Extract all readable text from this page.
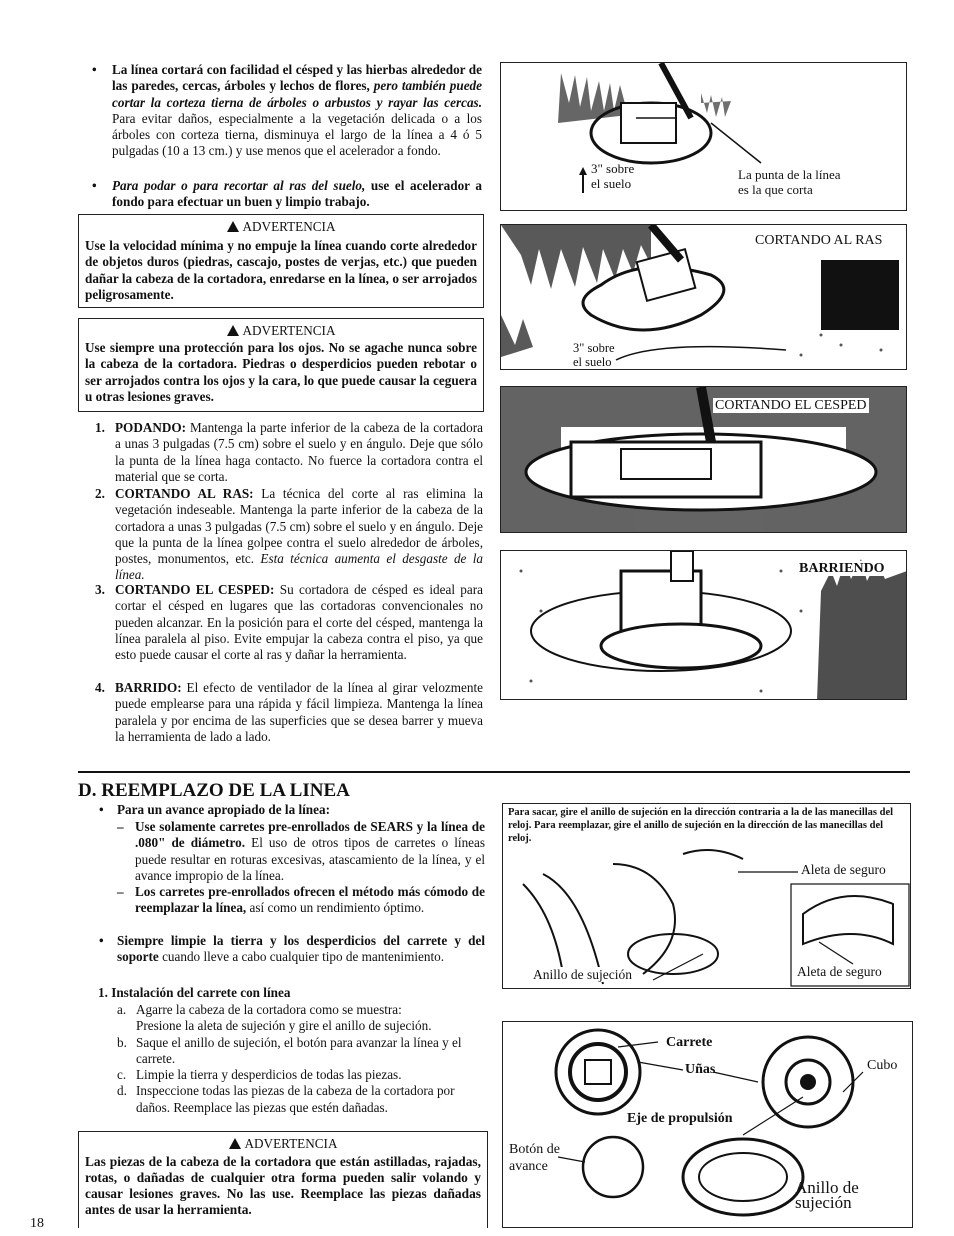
• La línea cortará con facilidad el césped y las hierbas alrededor de las paredes, cercas, árboles y lechos de flores, pero también puede cortar la corteza tierna de árboles o arbustos y rayar las cercas. Para evitar daños, especialmente a la vegetación delicada o a los árboles con corteza tierna, disminuya el largo de la línea a 4 ó 5 pulgadas (10 a 13 cm.) y use menos que el acelerador a fondo.
• Para podar o para recortar al ras del suelo, use el acelerador a fondo para efectuar un buen y limpio trabajo.
ADVERTENCIA

Use la velocidad mínima y no empuje la línea cuando corte alrededor de objetos duros (piedras, cascajo, postes de verjas, etc.) que pueden dañar la cabeza de la cortadora, enredarse en la línea, o ser arrojados peligrosamente.

ADVERTENCIA

Use siempre una protección para los ojos. No se agache nunca sobre la cabeza de la cortadora. Piedras o desperdicios pueden rebotar o ser arrojados contra los ojos y la cara, lo que puede causar la ceguera u otras lesiones graves.

1. PODANDO: Mantenga la parte inferior de la cabeza de la cortadora a unas 3 pulgadas (7.5 cm) sobre el suelo y en ángulo. Deje que sólo la punta de la línea haga contacto. No fuerce la cortadora contra el material que se corta.
2. CORTANDO AL RAS: La técnica del corte al ras elimina la vegetación indeseable. Mantenga la parte inferior de la cabeza de la cortadora a unas 3 pulgadas (7.5 cm) sobre el suelo y en ángulo. Deje que la punta de la línea golpee contra el suelo alrededor de árboles, postes, monumentos, etc. Esta técnica aumenta el desgaste de la línea.
3. CORTANDO EL CESPED: Su cortadora de césped es ideal para cortar el césped en lugares que las cortadoras convencionales no pueden alcanzar. En la posición para el corte del césped, mantenga la línea paralela al piso. Evite empujar la cabeza contra el piso, ya que esto puede causar el corte al ras y dañar la herramienta.
4. BARRIDO: El efecto de ventilador de la línea al girar velozmente puede emplearse para una rápida y fácil limpieza. Mantenga la línea paralela y por encima de las superficies que se desea barrer y mueva la herramienta de lado a lado.
3" sobre
el suelo
La punta de la línea
es la que corta
CORTANDO AL RAS
3" sobre
el suelo
CORTANDO EL CESPED
BARRIENDO
D. REEMPLAZO DE LA LINEA
• Para un avance apropiado de la línea:
– Use solamente carretes pre-enrollados de SEARS y la línea de .080" de diámetro. El uso de otros tipos de carretes o líneas puede resultar en roturas excesivas, atascamiento de la línea, y el avance impropio de la línea.
– Los carretes pre-enrollados ofrecen el método más cómodo de reemplazar la línea, así como un rendimiento óptimo.
• Siempre limpie la tierra y los desperdicios del carrete y del soporte cuando lleve a cabo cualquier tipo de mantenimiento.
1. Instalación del carrete con línea
a. Agarre la cabeza de la cortadora como se muestra:
Presione la aleta de sujeción y gire el anillo de sujeción.
b. Saque el anillo de sujeción, el botón para avanzar la línea y el carrete.
c. Limpie la tierra y desperdicios de todas las piezas.
d. Inspeccione todas las piezas de la cabeza de la cortadora por daños. Reemplace las piezas que estén dañadas.
ADVERTENCIA

Las piezas de la cabeza de la cortadora que están astilladas, rajadas, rotas, o dañadas de cualquier otra forma pueden salir volando y causar lesiones graves. No las use. Reemplace las piezas dañadas antes de usar la herramienta.

18
Para sacar, gire el anillo de sujeción en la dirección contraria a la de las manecillas del reloj. Para reemplazar, gire el anillo de sujeción en la dirección de las manecillas del reloj.
Aleta de seguro
Aleta de seguro
Anillo de sujeción
Carrete
Uñas	Cubo
Eje de propulsión
Botón de
avance
Anillo de sujeción
